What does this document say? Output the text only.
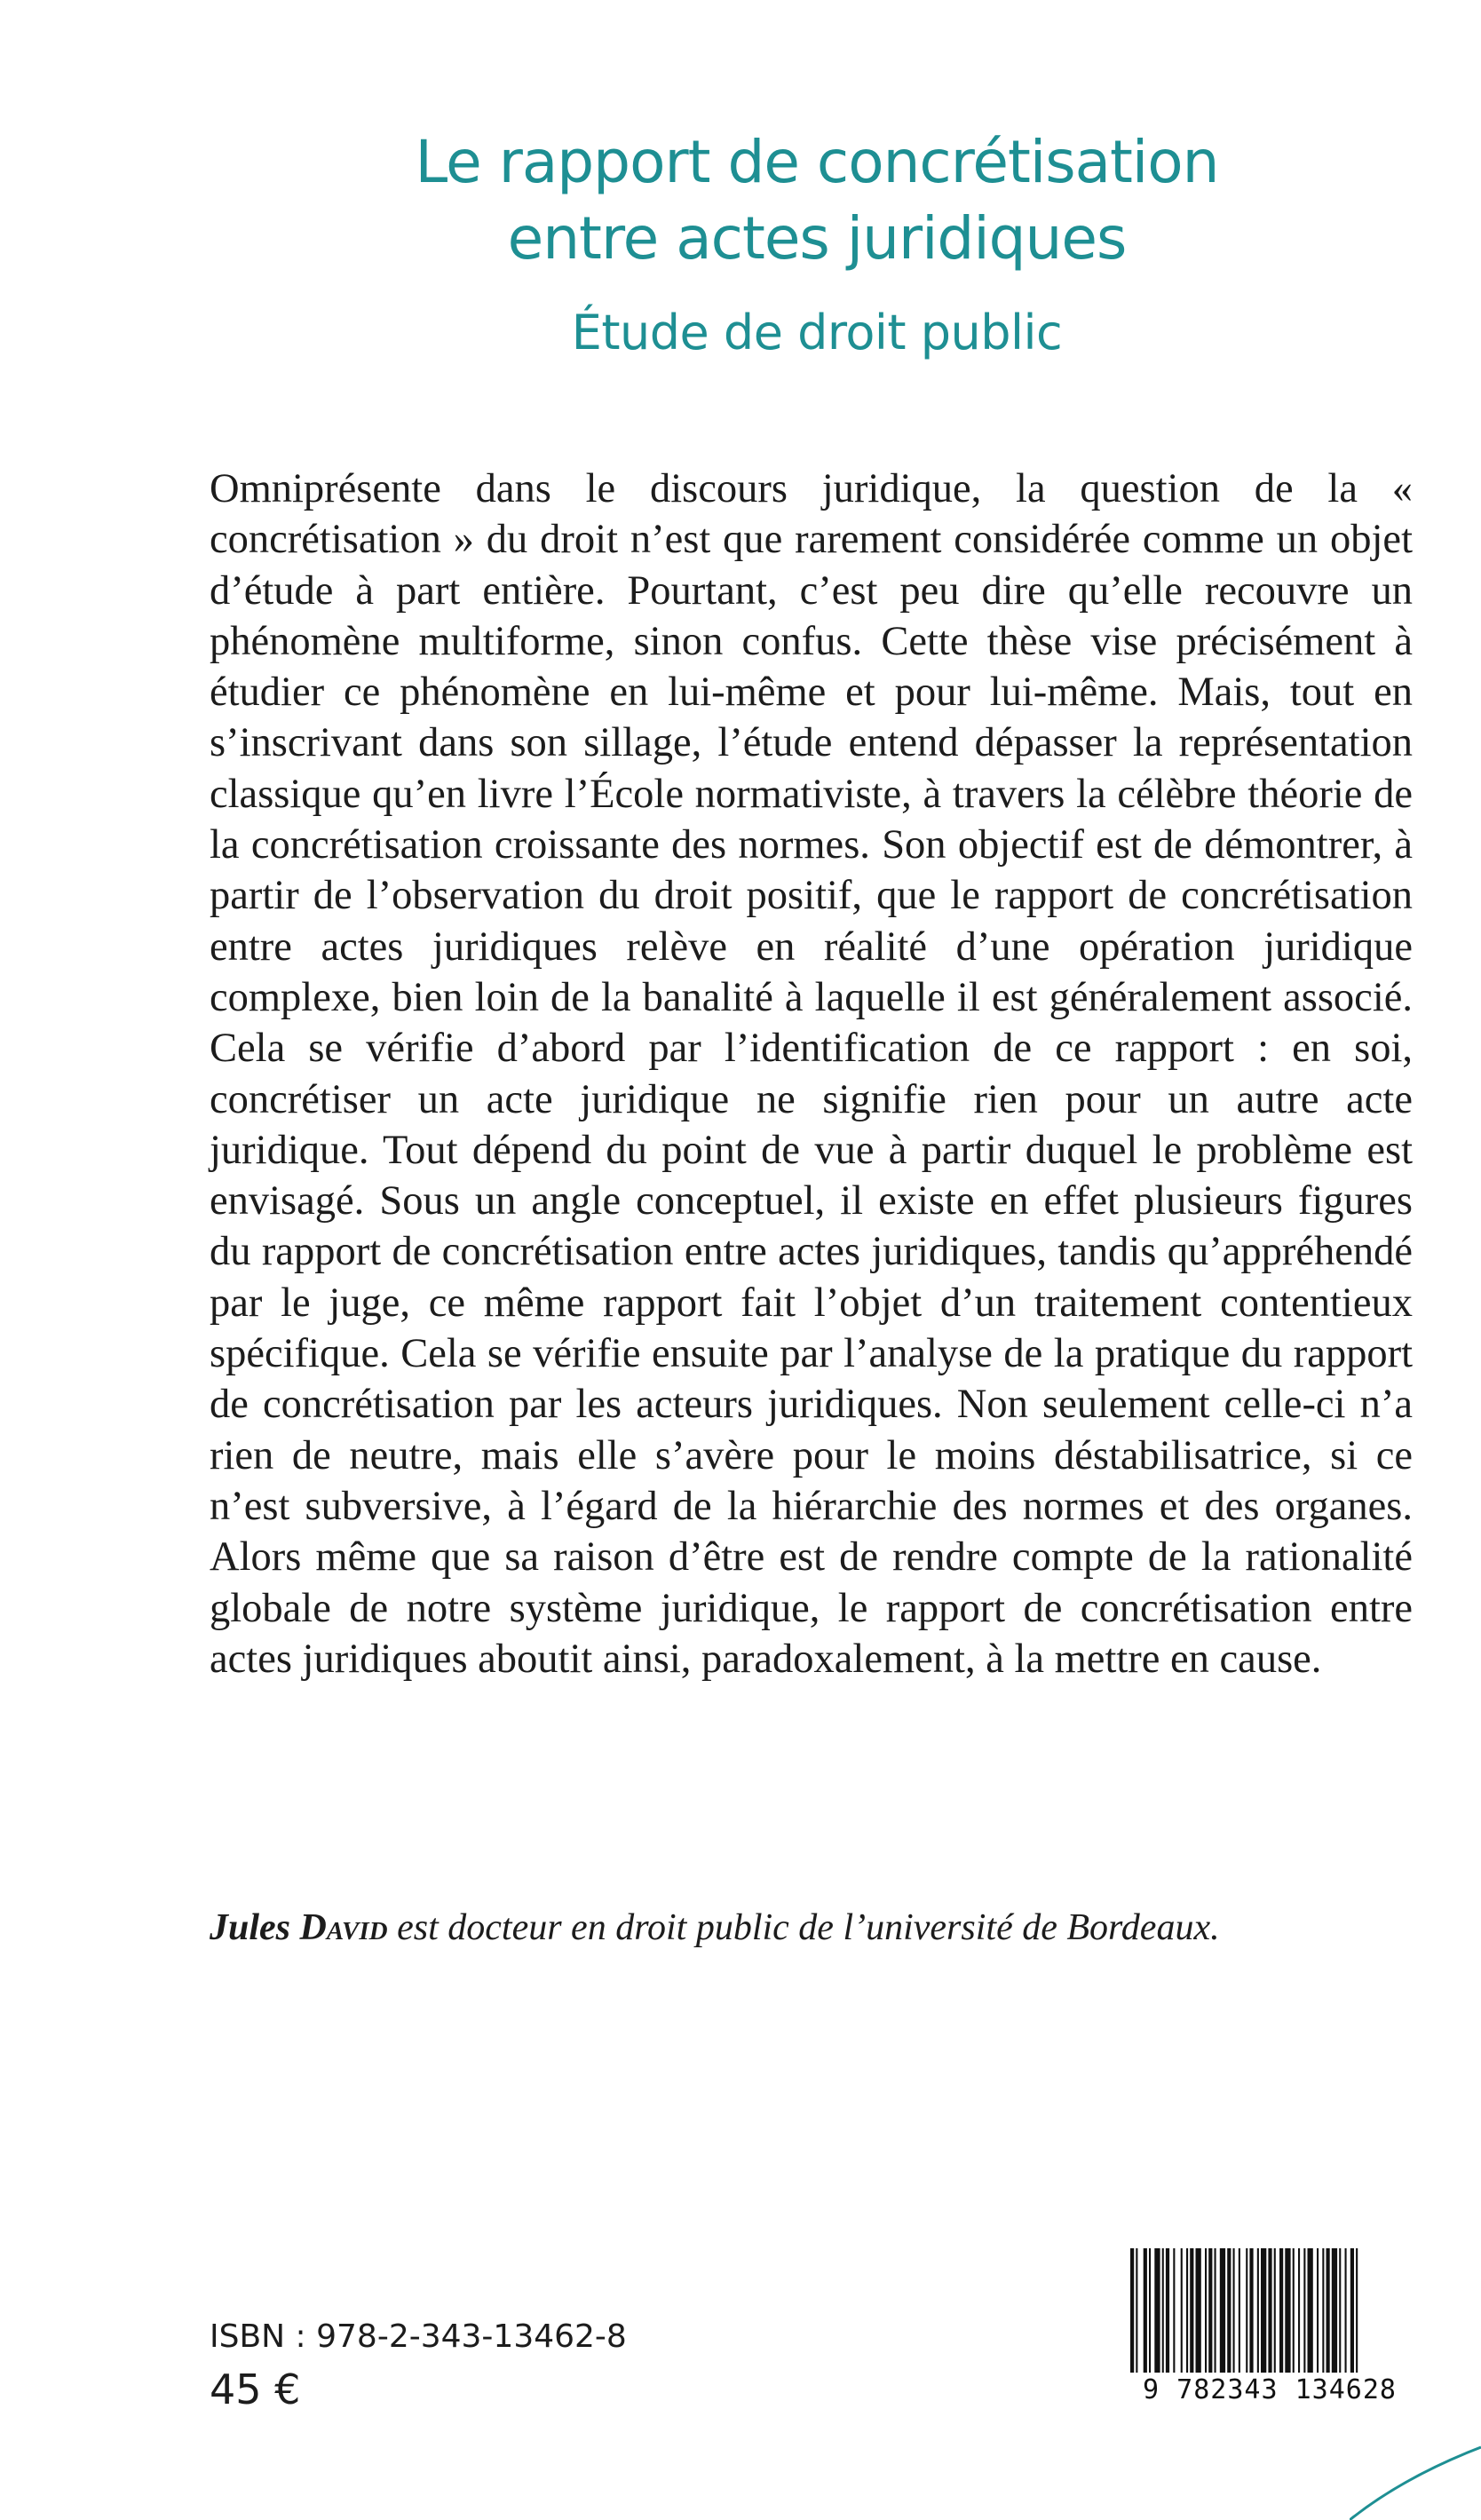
Le rapport de concrétisation
entre actes juridiques
Étude de droit public

Omniprésente dans le discours juridique, la question de la « concrétisation » du droit n’est que rarement considérée comme un objet d’étude à part entière. Pourtant, c’est peu dire qu’elle recouvre un phénomène multiforme, sinon confus. Cette thèse vise précisément à étudier ce phénomène en lui-même et pour lui-même. Mais, tout en s’inscrivant dans son sillage, l’étude entend dépasser la représentation classique qu’en livre l’École normativiste, à travers la célèbre théorie de la concrétisation croissante des normes. Son objectif est de démontrer, à partir de l’observation du droit positif, que le rapport de concrétisation entre actes juridiques relève en réalité d’une opération juridique complexe, bien loin de la banalité à laquelle il est généralement associé. Cela se vérifie d’abord par l’identification de ce rapport : en soi, concrétiser un acte juridique ne signifie rien pour un autre acte juridique. Tout dépend du point de vue à partir duquel le problème est envisagé. Sous un angle conceptuel, il existe en effet plusieurs figures du rapport de concrétisation entre actes juridiques, tandis qu’appréhendé par le juge, ce même rapport fait l’objet d’un traitement contentieux spécifique. Cela se vérifie ensuite par l’analyse de la pratique du rapport de concrétisation par les acteurs juridiques. Non seulement celle-ci n’a rien de neutre, mais elle s’avère pour le moins déstabilisatrice, si ce n’est subversive, à l’égard de la hiérarchie des normes et des organes. Alors même que sa raison d’être est de rendre compte de la rationalité globale de notre système juridique, le rapport de concrétisation entre actes juridiques aboutit ainsi, paradoxalement, à la mettre en cause.

Jules David est docteur en droit public de l’université de Bordeaux.
ISBN : 978-2-343-13462-8
45 €	9 782343 134628
